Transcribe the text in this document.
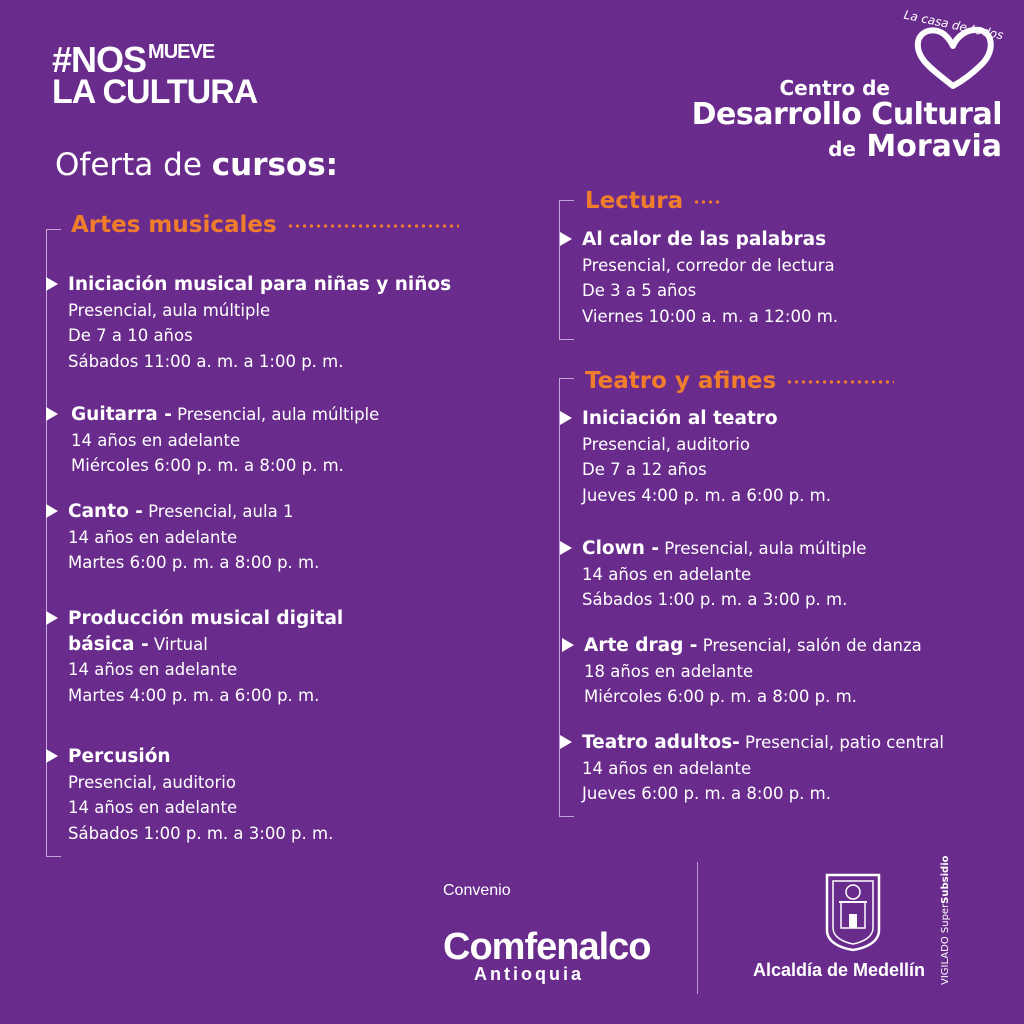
#NOS $^{MUEVE}$
LA CULTURA
La casa de todos
Centro de
Desarrollo Cultural
de Moravia
Oferta de cursos:
Artes musicales
Iniciación musical para niñas y niños
Presencial, aula múltiple
De 7 a 10 años
Sábados 11:00 a. m. a 1:00 p. m.
Guitarra - Presencial, aula múltiple
14 años en adelante
Miércoles 6:00 p. m. a 8:00 p. m.
Canto - Presencial, aula 1
14 años en adelante
Martes 6:00 p. m. a 8:00 p. m.
Producción musical digital
básica - Virtual
14 años en adelante
Martes 4:00 p. m. a 6:00 p. m.
Percusión
Presencial, auditorio
14 años en adelante
Sábados 1:00 p. m. a 3:00 p. m.
Lectura
Al calor de las palabras
Presencial, corredor de lectura
De 3 a 5 años
Viernes 10:00 a. m. a 12:00 m.
Teatro y afines
Iniciación al teatro
Presencial, auditorio
De 7 a 12 años
Jueves 4:00 p. m. a 6:00 p. m.
Clown - Presencial, aula múltiple
14 años en adelante
Sábados 1:00 p. m. a 3:00 p. m.
Arte drag - Presencial, salón de danza
18 años en adelante
Miércoles 6:00 p. m. a 8:00 p. m.
Teatro adultos- Presencial, patio central
14 años en adelante
Jueves 6:00 p. m. a 8:00 p. m.
Convenio
Comfenalco
Antioquia	Alcaldía de Medellín VIGILADO SuperSubsidio
